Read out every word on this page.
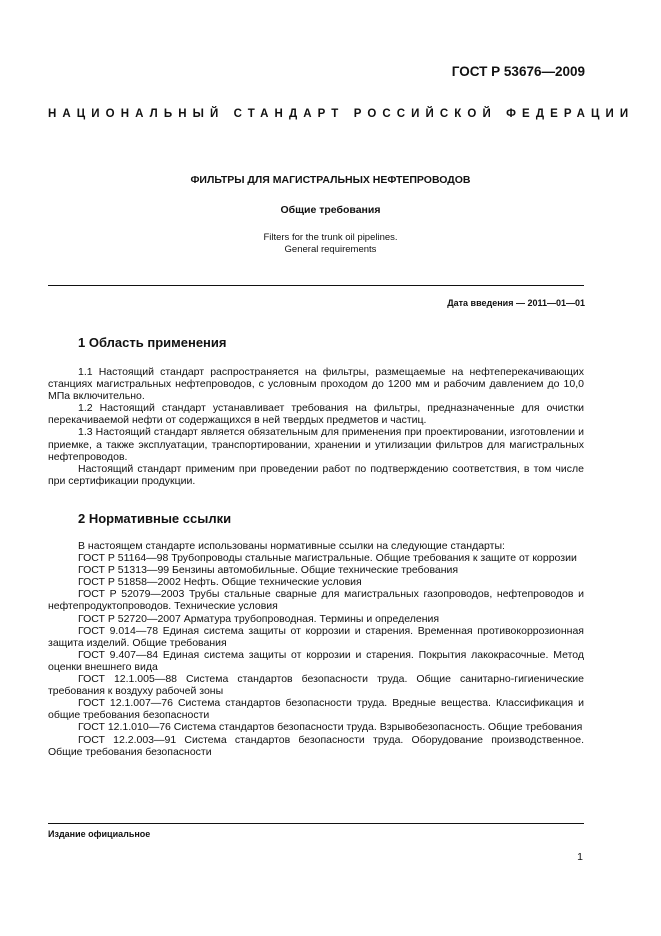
ГОСТ Р 53676—2009
НАЦИОНАЛЬНЫЙ СТАНДАРТ РОССИЙСКОЙ ФЕДЕРАЦИИ
ФИЛЬТРЫ ДЛЯ МАГИСТРАЛЬНЫХ НЕФТЕПРОВОДОВ
Общие требования
Filters for the trunk oil pipelines.
General requirements
Дата введения — 2011—01—01
1 Область применения

1.1 Настоящий стандарт распространяется на фильтры, размещаемые на нефтеперекачивающих станциях магистральных нефтепроводов, с условным проходом до 1200 мм и рабочим давлением до 10,0 МПа включительно.

1.2 Настоящий стандарт устанавливает требования на фильтры, предназначенные для очистки перекачиваемой нефти от содержащихся в ней твердых предметов и частиц.

1.3 Настоящий стандарт является обязательным для применения при проектировании, изготовлении и приемке, а также эксплуатации, транспортировании, хранении и утилизации фильтров для магистральных нефтепроводов.

Настоящий стандарт применим при проведении работ по подтверждению соответствия, в том числе при сертификации продукции.

2 Нормативные ссылки

В настоящем стандарте использованы нормативные ссылки на следующие стандарты:

ГОСТ Р 51164—98 Трубопроводы стальные магистральные. Общие требования к защите от коррозии

ГОСТ Р 51313—99 Бензины автомобильные. Общие технические требования

ГОСТ Р 51858—2002 Нефть. Общие технические условия

ГОСТ Р 52079—2003 Трубы стальные сварные для магистральных газопроводов, нефтепроводов и нефтепродуктопроводов. Технические условия

ГОСТ Р 52720—2007 Арматура трубопроводная. Термины и определения

ГОСТ 9.014—78 Единая система защиты от коррозии и старения. Временная противокоррозионная защита изделий. Общие требования

ГОСТ 9.407—84 Единая система защиты от коррозии и старения. Покрытия лакокрасочные. Метод оценки внешнего вида

ГОСТ 12.1.005—88 Система стандартов безопасности труда. Общие санитарно-гигиенические требования к воздуху рабочей зоны

ГОСТ 12.1.007—76 Система стандартов безопасности труда. Вредные вещества. Классификация и общие требования безопасности

ГОСТ 12.1.010—76 Система стандартов безопасности труда. Взрывобезопасность. Общие требования

ГОСТ 12.2.003—91 Система стандартов безопасности труда. Оборудование производственное. Общие требования безопасности

Издание официальное
1
